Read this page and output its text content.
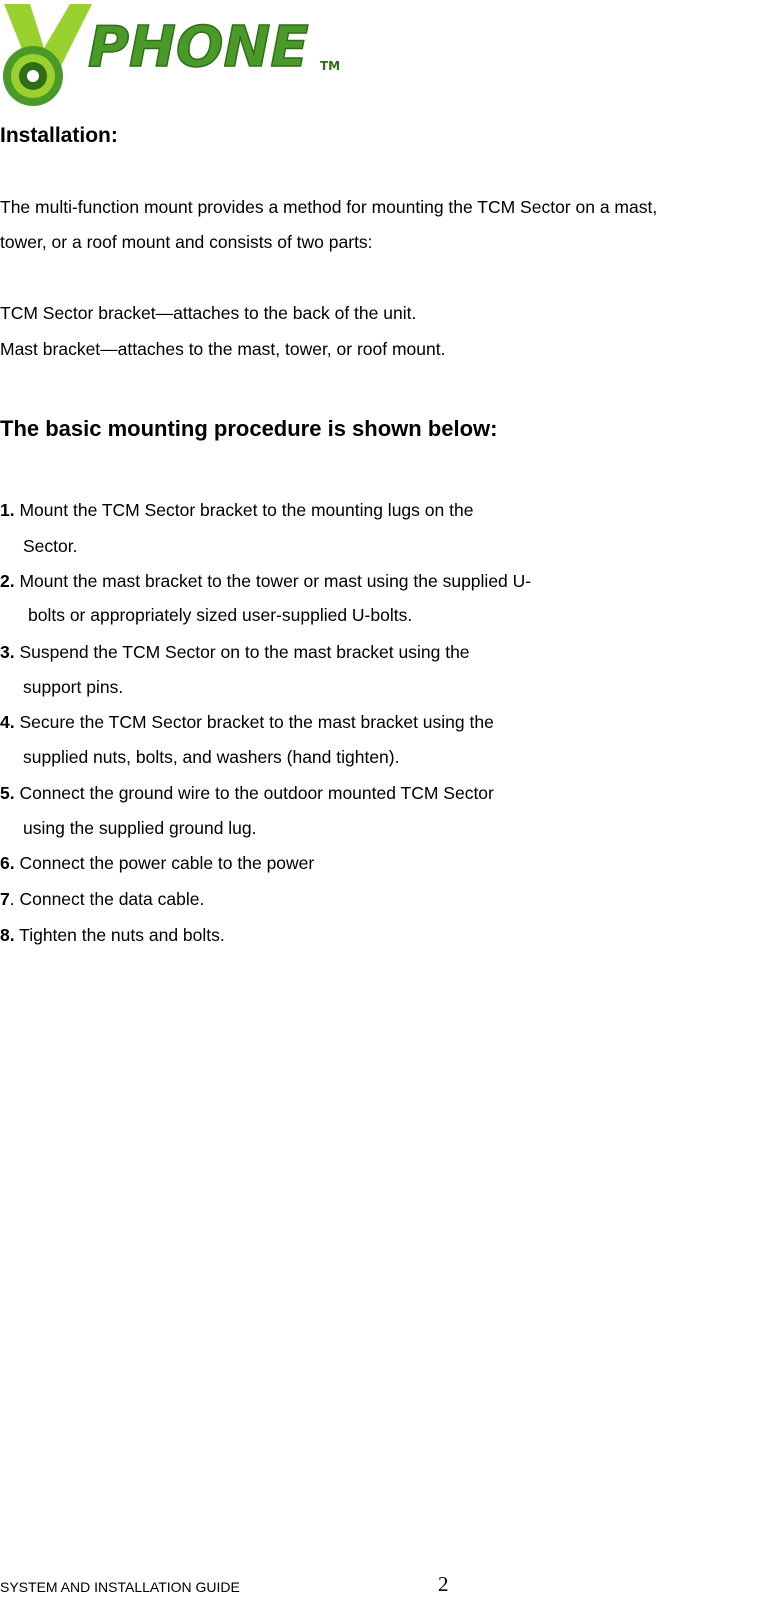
PHONE TM
Installation:
The multi-function mount provides a method for mounting the TCM Sector on a mast,
tower, or a roof mount and consists of two parts:
TCM Sector bracket—attaches to the back of the unit.
Mast bracket—attaches to the mast, tower, or roof mount.
The basic mounting procedure is shown below:
1. Mount the TCM Sector bracket to the mounting lugs on the
Sector.
2. Mount the mast bracket to the tower or mast using the supplied U-
bolts or appropriately sized user-supplied U-bolts.
3. Suspend the TCM Sector on to the mast bracket using the
support pins.
4. Secure the TCM Sector bracket to the mast bracket using the
supplied nuts, bolts, and washers (hand tighten).
5. Connect the ground wire to the outdoor mounted TCM Sector
using the supplied ground lug.
6. Connect the power cable to the power
7. Connect the data cable.
8. Tighten the nuts and bolts.
SYSTEM AND INSTALLATION GUIDE	2
